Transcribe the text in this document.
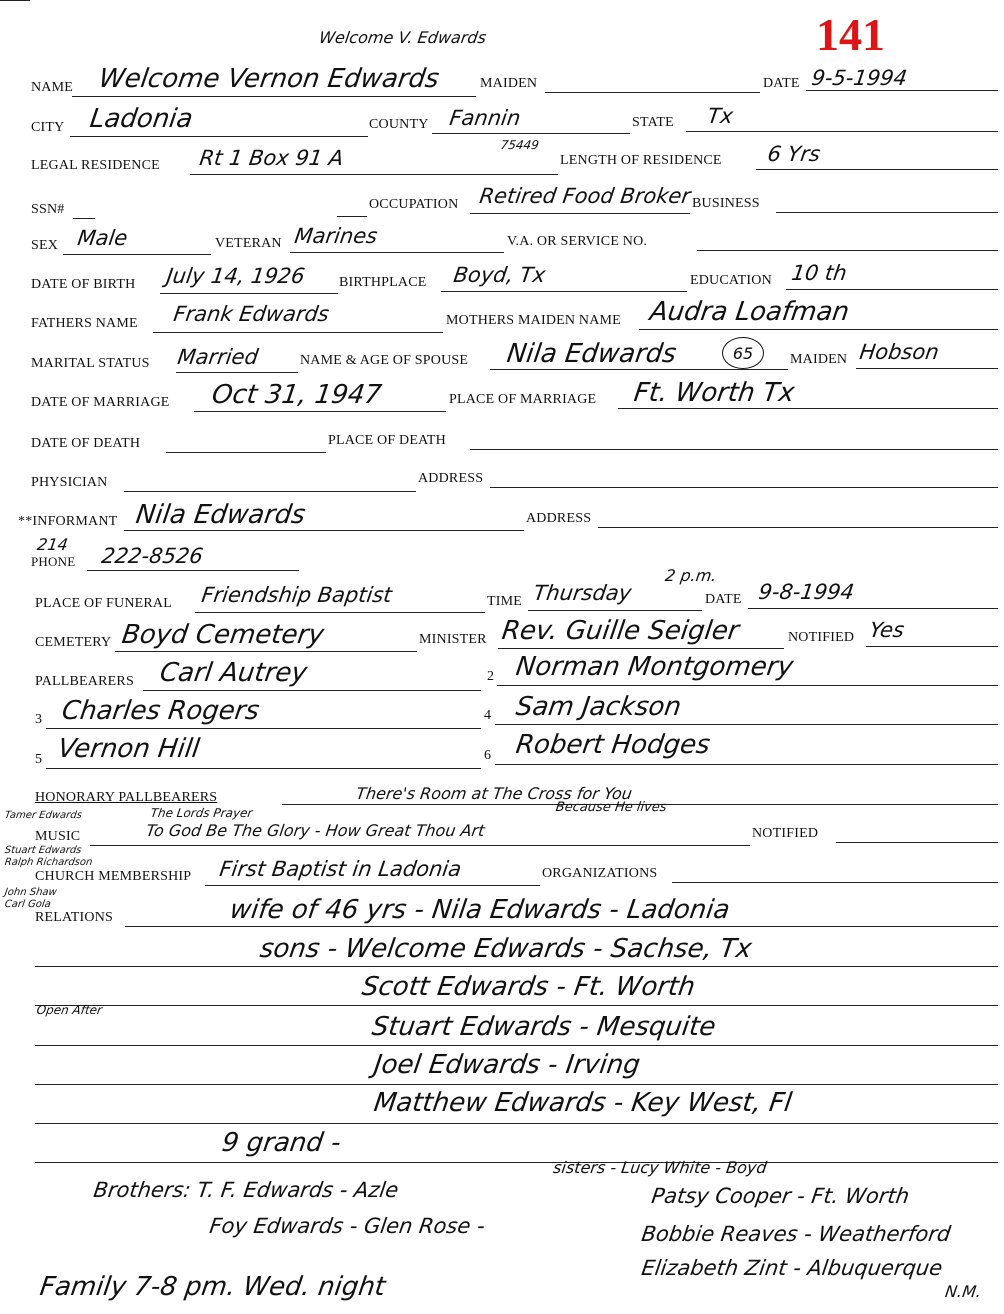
141
Welcome V. Edwards
NAME Welcome Vernon Edwards	MAIDEN	DATE 9-5-1994
CITY Ladonia	COUNTY Fannin	STATE Tx
LEGAL RESIDENCE Rt 1 Box 91 A
75449
LENGTH OF RESIDENCE 6 Yrs
SSN#	OCCUPATION Retired Food Broker BUSINESS
SEX Male	VETERAN Marines	V.A. OR SERVICE NO.
DATE OF BIRTH July 14, 1926 BIRTHPLACE Boyd, Tx	EDUCATION 10 th
FATHERS NAME Frank Edwards	MOTHERS MAIDEN NAME Audra Loafman
MARITAL STATUS Married	NAME & AGE OF SPOUSE Nila Edwards	65	MAIDEN Hobson
DATE OF MARRIAGE Oct 31, 1947	PLACE OF MARRIAGE Ft. Worth Tx
DATE OF DEATH	PLACE OF DEATH
PHYSICIAN	ADDRESS
**INFORMANT Nila Edwards	ADDRESS
PHONE
214 222-8526
PLACE OF FUNERAL Friendship Baptist	TIME Thursday
2 p.m.
DATE 9-8-1994
CEMETERY Boyd Cemetery	MINISTER Rev. Guille Seigler	NOTIFIED Yes
PALLBEARERS Carl Autrey	2 Norman Montgomery
3 Charles Rogers	4 Sam Jackson
5 Vernon Hill	6 Robert Hodges
HONORARY PALLBEARERS	There's Room at The Cross for You
Because He lives
The Lords Prayer
MUSIC	To God Be The Glory - How Great Thou Art	NOTIFIED
Tamer Edwards
Stuart Edwards
Ralph Richardson
John Shaw
Carl Gola
CHURCH MEMBERSHIP First Baptist in Ladonia	ORGANIZATIONS
RELATIONS	wife of 46 yrs - Nila Edwards - Ladonia
sons - Welcome Edwards - Sachse, Tx
Scott Edwards - Ft. Worth
Open After
Stuart Edwards - Mesquite
Joel Edwards - Irving
Matthew Edwards - Key West, Fl
9 grand -
Brothers: T. F. Edwards - Azle
Foy Edwards - Glen Rose -
sisters - Lucy White - Boyd
Patsy Cooper - Ft. Worth
Bobbie Reaves - Weatherford
Elizabeth Zint - Albuquerque
N.M.
Family 7-8 pm. Wed. night
